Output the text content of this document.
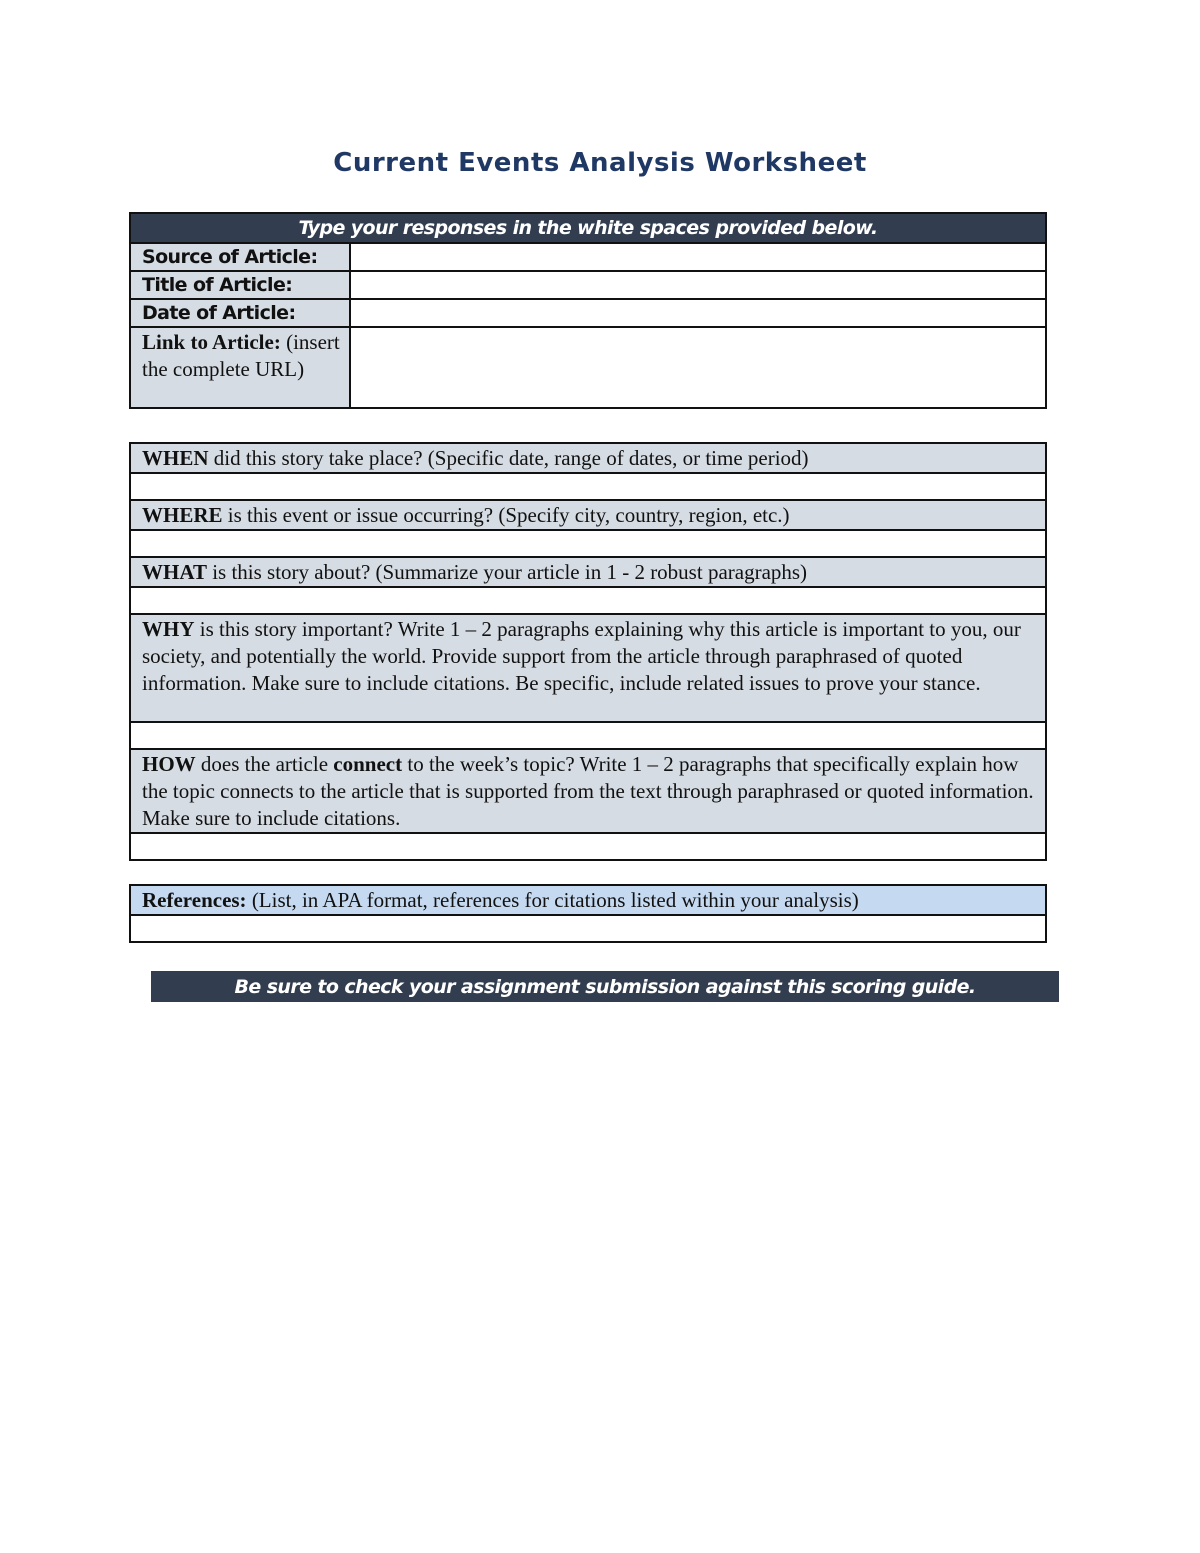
Current Events Analysis Worksheet
Type your responses in the white spaces provided below.	
Source of Article:	
Title of Article:	
Date of Article:	
Link to Article: (insert the complete URL)	
WHEN did this story take place? (Specific date, range of dates, or time period)

WHERE is this event or issue occurring? (Specify city, country, region, etc.)

WHAT is this story about? (Summarize your article in 1 - 2 robust paragraphs)

WHY is this story important? Write 1 – 2 paragraphs explaining why this article is important to you, our society, and potentially the world. Provide support from the article through paraphrased of quoted information. Make sure to include citations. Be specific, include related issues to prove your stance.

HOW does the article connect to the week’s topic? Write 1 – 2 paragraphs that specifically explain how the topic connects to the article that is supported from the text through paraphrased or quoted information. Make sure to include citations.

References: (List, in APA format, references for citations listed within your analysis)

Be sure to check your assignment submission against this scoring guide.
